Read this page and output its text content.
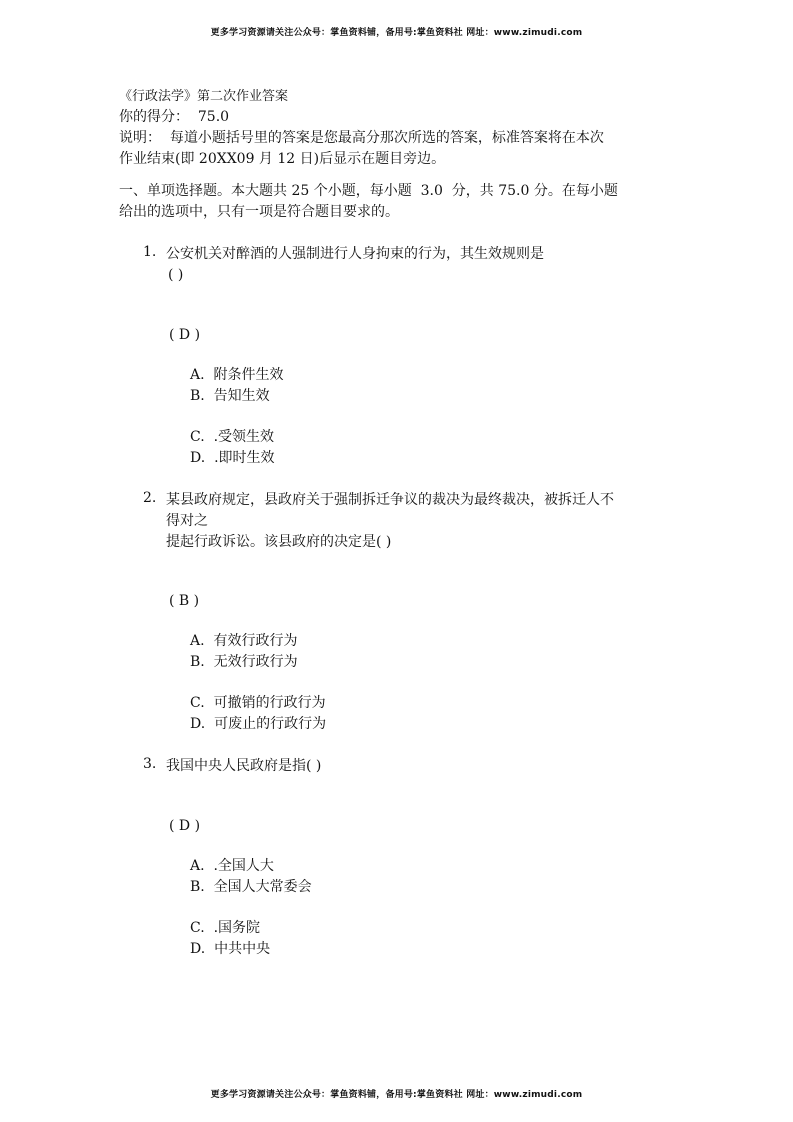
更多学习资源请关注公众号：掌鱼资料铺，备用号:掌鱼资料社 网址：www.zimudi.com
《行政法学》第二次作业答案
你的得分：  75.0
说明：  每道小题括号里的答案是您最高分那次所选的答案，标准答案将在本次
作业结束(即 20XX09 月 12 日)后显示在题目旁边。
一、单项选择题。本大题共 25 个小题，每小题  3.0  分，共 75.0 分。在每小题
给出的选项中，只有一项是符合题目要求的。
1. 公安机关对醉酒的人强制进行人身拘束的行为，其生效规则是
( )
( D )
A.  附条件生效
B.  告知生效
C.  .受领生效
D.  .即时生效
2. 某县政府规定，县政府关于强制拆迁争议的裁决为最终裁决，被拆迁人不
得对之
提起行政诉讼。该县政府的决定是( )
( B )
A.  有效行政行为
B.  无效行政行为
C.  可撤销的行政行为
D.  可废止的行政行为
3. 我国中央人民政府是指( )
( D )
A.  .全国人大
B.  全国人大常委会
C.  .国务院
D.  中共中央
更多学习资源请关注公众号：掌鱼资料铺，备用号:掌鱼资料社 网址：www.zimudi.com
